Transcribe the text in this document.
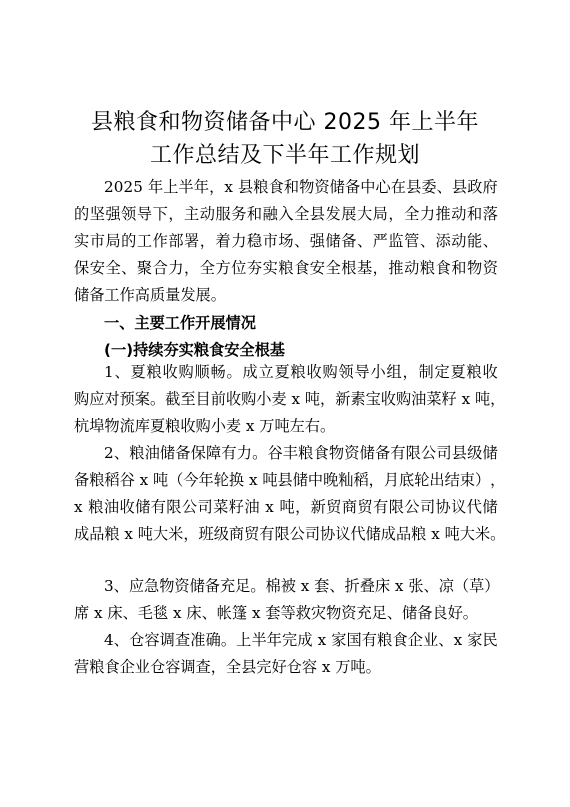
县粮食和物资储备中心 2025 年上半年
工作总结及下半年工作规划
2 0 2 5
年 上 半 年 ， x
县 粮 食 和 物 资 储 备 中 心 在 县 委 、 县 政 府
的 坚 强 领 导 下 ， 主 动 服 务 和 融 入 全 县 发 展 大 局 ， 全 力 推 动 和 落
实 市 局 的 工 作 部 署 ， 着 力 稳 市 场 、 强 储 备 、 严 监 管 、 添 动 能 、
保 安 全 、 聚 合 力 ， 全 方 位 夯 实 粮 食 安 全 根 基 ， 推 动 粮 食 和 物 资
储备工作高质量发展。
一、主要工作开展情况
(一)持续夯实粮食安全根基
1 、 夏 粮 收 购 顺 畅 。 成 立 夏 粮 收 购 领 导 小 组 ， 制 定 夏 粮 收
购 应 对 预 案 。 截 至 目 前 收 购 小 麦
x
吨 ， 新 素 宝 收 购 油 菜 籽
x
吨 ，
杭埠物流库夏粮收购小麦 x 万吨左右。
2 、 粮 油 储 备 保 障 有 力 。 谷 丰 粮 食 物 资 储 备 有 限 公 司 县 级 储
备 粮 稻 谷
x
吨 （ 今 年 轮 换
x
吨 县 储 中 晚 籼 稻 ， 月 底 轮 出 结 束 ） ，
x
粮 油 收 储 有 限 公 司 菜 籽 油
x
吨 ， 新 贸 商 贸 有 限 公 司 协 议 代 储
成 品 粮
x
吨 大 米 ， 班 级 商 贸 有 限 公 司 协 议 代 储 成 品 粮
x
吨 大 米 。
3 、 应 急 物 资 储 备 充 足 。 棉 被
x
套 、 折 叠 床
x
张 、 凉 （ 草 ）
席 x 床、毛毯 x 床、帐篷 x 套等救灾物资充足、储备良好。
4 、 仓 容 调 查 准 确 。 上 半 年 完 成
x
家 国 有 粮 食 企 业 、 x
家 民
营粮食企业仓容调查，全县完好仓容 x 万吨。
